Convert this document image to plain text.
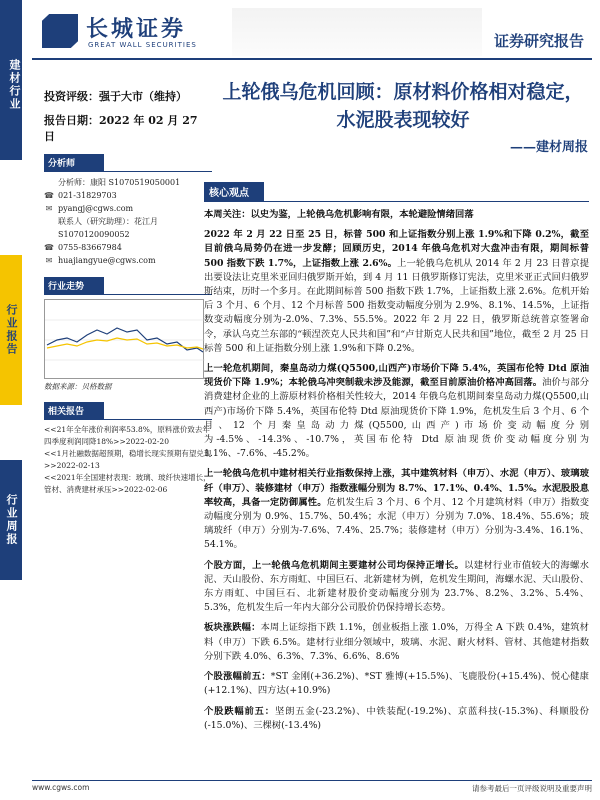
建材行业
行业报告
行业周报
长城证券
GREAT WALL SECURITIES	证券研究报告
投资评级：强于大市（维持）
报告日期：2022 年 02 月 27 日
分析师

分析师：康阳 S1070519050001

☎ 021-31829703

✉ pyangj@cgws.com

联系人（研究助理）：花江月

S1070120090052

☎ 0755-83667984

✉ huajiangyue@cgws.com

行业走势
数据来源：贝格数据
相关报告

<<21年全年涨价利润率53.8%，原料涨价致去年四季度利润同降18%>>2022-02-20

<<1月社融数据超预期，稳增长现实预期有望兑现>>2022-02-13

<<2021年全国建材表现：玻璃、玻纤快速增长，管材、消费建材承压>>2022-02-06

上轮俄乌危机回顾：原材料价格相对稳定，水泥股表现较好
——建材周报
核心观点

本周关注：以史为鉴，上轮俄乌危机影响有限，本轮避险情绪回落

2022 年 2 月 22 日至 25 日，标普 500 和上证指数分别上涨 1.9%和下降 0.2%，截至目前俄乌局势仍在进一步发酵；回顾历史，2014 年俄乌危机对大盘冲击有限，期间标普 500 指数下跌 1.7%，上证指数上涨 2.6%。上一轮俄乌危机从 2014 年 2 月 23 日普京提出要设法让克里米亚回归俄罗斯开始，到 4 月 11 日俄罗斯修订宪法，克里米亚正式回归俄罗斯结束，历时一个多月。在此期间标普 500 指数下跌 1.7%，上证指数上涨 2.6%。危机开始后 3 个月、6 个月、12 个月标普 500 指数变动幅度分别为 2.9%、8.1%、14.5%，上证指数变动幅度分别为-2.0%、7.3%、55.5%。2022 年 2 月 22 日，俄罗斯总统普京签署命令，承认乌克兰东部的“顿涅茨克人民共和国”和“卢甘斯克人民共和国”地位，截至 2 月 25 日标普 500 和上证指数分别上涨 1.9%和下降 0.2%。

上一轮危机期间，秦皇岛动力煤(Q5500,山西产)市场价下降 5.4%，英国布伦特 Dtd 原油现货价下降 1.9%；本轮俄乌冲突制裁未涉及能源，截至目前原油价格冲高回落。油价与部分消费建材企业的上游原材料价格相关性较大，2014 年俄乌危机期间秦皇岛动力煤(Q5500,山西产)市场价下降 5.4%，英国布伦特 Dtd 原油现货价下降 1.9%，危机发生后 3 个月、6 个月、12 个月秦皇岛动力煤(Q5500,山西产)市场价变动幅度分别为-4.5%、-14.3%、-10.7%，英国布伦特 Dtd 原油现货价变动幅度分别为 1.1%、-7.6%、-45.2%。

上一轮俄乌危机中建材相关行业指数保持上涨，其中建筑材料（申万）、水泥（申万）、玻璃玻纤（申万）、装修建材（申万）指数涨幅分别为 8.7%、17.1%、0.4%、1.5%。水泥股股息率较高，具备一定防御属性。危机发生后 3 个月、6 个月、12 个月建筑材料（申万）指数变动幅度分别为 0.9%、15.7%、50.4%；水泥（申万）分别为 7.0%、18.4%、55.6%；玻璃玻纤（申万）分别为-7.6%、7.4%、25.7%；装修建材（申万）分别为-3.4%、16.1%、54.1%。

个股方面，上一轮俄乌危机期间主要建材公司均保持正增长。以建材行业市值较大的海螺水泥、天山股份、东方雨虹、中国巨石、北新建材为例，危机发生期间，海螺水泥、天山股份、东方雨虹、中国巨石、北新建材股价变动幅度分别为 23.7%、8.2%、3.2%、5.4%、5.3%，危机发生后一年内大部分公司股价仍保持增长态势。

板块涨跌幅：本周上证综指下跌 1.1%，创业板指上涨 1.0%，万得全 A 下跌 0.4%，建筑材料（申万）下跌 6.5%。建材行业细分领域中，玻璃、水泥、耐火材料、管材、其他建材指数分别下跌 4.0%、6.3%、7.3%、6.6%、8.6%

个股涨幅前五：*ST 金刚(+36.2%)、*ST 雅博(+15.5%)、飞鹿股份(+15.4%)、悦心健康(+12.1%)、四方达(+10.9%)

个股跌幅前五：坚朗五金(-23.2%)、中铁装配(-19.2%)、京蓝科技(-15.3%)、科顺股份(-15.0%)、三棵树(-13.4%)

www.cgws.com	请参考最后一页评级说明及重要声明
